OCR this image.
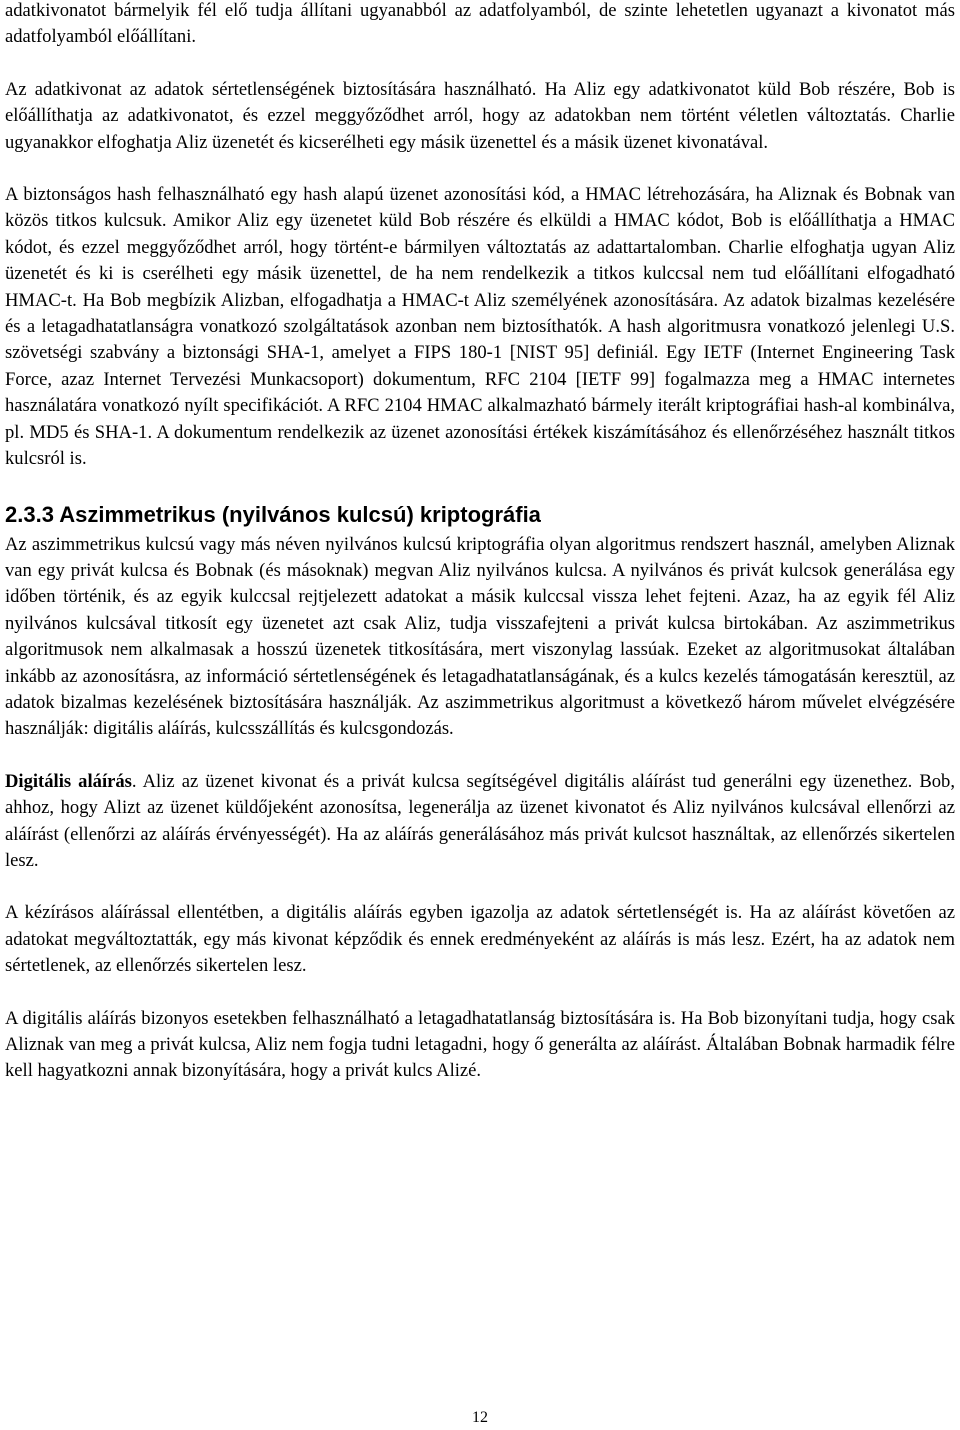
adatkivonatot bármelyik fél elő tudja állítani ugyanabból az adatfolyamból, de szinte lehetetlen ugyanazt a kivonatot más adatfolyamból előállítani.

Az adatkivonat az adatok sértetlenségének biztosítására használható. Ha Aliz egy adatkivonatot küld Bob részére, Bob is előállíthatja az adatkivonatot, és ezzel meggyőződhet arról, hogy az adatokban nem történt véletlen változtatás. Charlie ugyanakkor elfoghatja Aliz üzenetét és kicserélheti egy másik üzenettel és a másik üzenet kivonatával.

A biztonságos hash felhasználható egy hash alapú üzenet azonosítási kód, a HMAC létrehozására, ha Aliznak és Bobnak van közös titkos kulcsuk. Amikor Aliz egy üzenetet küld Bob részére és elküldi a HMAC kódot, Bob is előállíthatja a HMAC kódot, és ezzel meggyőződhet arról, hogy történt-e bármilyen változtatás az adattartalomban. Charlie elfoghatja ugyan Aliz üzenetét és ki is cserélheti egy másik üzenettel, de ha nem rendelkezik a titkos kulccsal nem tud előállítani elfogadható HMAC-t. Ha Bob megbízik Alizban, elfogadhatja a HMAC-t Aliz személyének azonosítására. Az adatok bizalmas kezelésére és a letagadhatatlanságra vonatkozó szolgáltatások azonban nem biztosíthatók. A hash algoritmusra vonatkozó jelenlegi U.S. szövetségi szabvány a biztonsági SHA-1, amelyet a FIPS 180-1 [NIST 95] definiál. Egy IETF (Internet Engineering Task Force, azaz Internet Tervezési Munkacsoport) dokumentum, RFC 2104 [IETF 99] fogalmazza meg a HMAC internetes használatára vonatkozó nyílt specifikációt. A RFC 2104 HMAC alkalmazható bármely iterált kriptográfiai hash-al kombinálva, pl. MD5 és SHA-1. A dokumentum rendelkezik az üzenet azonosítási értékek kiszámításához és ellenőrzéséhez használt titkos kulcsról is.

2.3.3 Aszimmetrikus (nyilvános kulcsú) kriptográfia

Az aszimmetrikus kulcsú vagy más néven nyilvános kulcsú kriptográfia olyan algoritmus rendszert használ, amelyben Aliznak van egy privát kulcsa és Bobnak (és másoknak) megvan Aliz nyilvános kulcsa. A nyilvános és privát kulcsok generálása egy időben történik, és az egyik kulccsal rejtjelezett adatokat a másik kulccsal vissza lehet fejteni. Azaz, ha az egyik fél Aliz nyilvános kulcsával titkosít egy üzenetet azt csak Aliz, tudja visszafejteni a privát kulcsa birtokában. Az aszimmetrikus algoritmusok nem alkalmasak a hosszú üzenetek titkosítására, mert viszonylag lassúak. Ezeket az algoritmusokat általában inkább az azonosításra, az információ sértetlenségének és letagadhatatlanságának, és a kulcs kezelés támogatásán keresztül, az adatok bizalmas kezelésének biztosítására használják. Az aszimmetrikus algoritmust a következő három művelet elvégzésére használják: digitális aláírás, kulcsszállítás és kulcsgondozás.

Digitális aláírás. Aliz az üzenet kivonat és a privát kulcsa segítségével digitális aláírást tud generálni egy üzenethez. Bob, ahhoz, hogy Alizt az üzenet küldőjeként azonosítsa, legenerálja az üzenet kivonatot és Aliz nyilvános kulcsával ellenőrzi az aláírást (ellenőrzi az aláírás érvényességét). Ha az aláírás generálásához más privát kulcsot használtak, az ellenőrzés sikertelen lesz.

A kézírásos aláírással ellentétben, a digitális aláírás egyben igazolja az adatok sértetlenségét is. Ha az aláírást követően az adatokat megváltoztatták, egy más kivonat képződik és ennek eredményeként az aláírás is más lesz. Ezért, ha az adatok nem sértetlenek, az ellenőrzés sikertelen lesz.

A digitális aláírás bizonyos esetekben felhasználható a letagadhatatlanság biztosítására is. Ha Bob bizonyítani tudja, hogy csak Aliznak van meg a privát kulcsa, Aliz nem fogja tudni letagadni, hogy ő generálta az aláírást. Általában Bobnak harmadik félre kell hagyatkozni annak bizonyítására, hogy a privát kulcs Alizé.

12
